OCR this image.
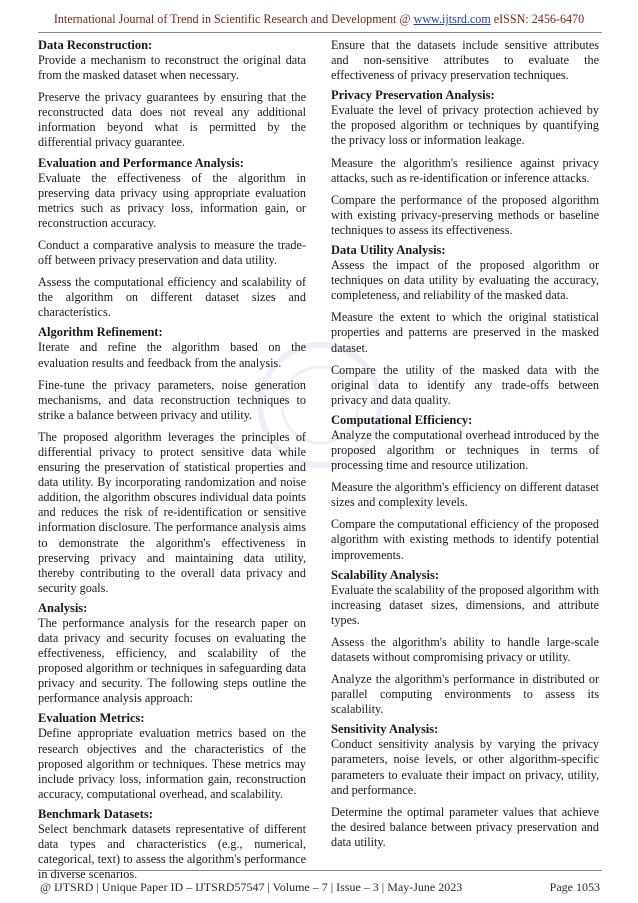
International Journal of Trend in Scientific Research and Development @ www.ijtsrd.com eISSN: 2456-6470

Data Reconstruction:

Provide a mechanism to reconstruct the original data from the masked dataset when necessary.

Preserve the privacy guarantees by ensuring that the reconstructed data does not reveal any additional information beyond what is permitted by the differential privacy guarantee.

Evaluation and Performance Analysis:

Evaluate the effectiveness of the algorithm in preserving data privacy using appropriate evaluation metrics such as privacy loss, information gain, or reconstruction accuracy.

Conduct a comparative analysis to measure the trade-off between privacy preservation and data utility.

Assess the computational efficiency and scalability of the algorithm on different dataset sizes and characteristics.

Algorithm Refinement:

Iterate and refine the algorithm based on the evaluation results and feedback from the analysis.

Fine-tune the privacy parameters, noise generation mechanisms, and data reconstruction techniques to strike a balance between privacy and utility.

The proposed algorithm leverages the principles of differential privacy to protect sensitive data while ensuring the preservation of statistical properties and data utility. By incorporating randomization and noise addition, the algorithm obscures individual data points and reduces the risk of re-identification or sensitive information disclosure. The performance analysis aims to demonstrate the algorithm's effectiveness in preserving privacy and maintaining data utility, thereby contributing to the overall data privacy and security goals.

Analysis:

The performance analysis for the research paper on data privacy and security focuses on evaluating the effectiveness, efficiency, and scalability of the proposed algorithm or techniques in safeguarding data privacy and security. The following steps outline the performance analysis approach:

Evaluation Metrics:

Define appropriate evaluation metrics based on the research objectives and the characteristics of the proposed algorithm or techniques. These metrics may include privacy loss, information gain, reconstruction accuracy, computational overhead, and scalability.

Benchmark Datasets:

Select benchmark datasets representative of different data types and characteristics (e.g., numerical, categorical, text) to assess the algorithm's performance in diverse scenarios.

Ensure that the datasets include sensitive attributes and non-sensitive attributes to evaluate the effectiveness of privacy preservation techniques.

Privacy Preservation Analysis:

Evaluate the level of privacy protection achieved by the proposed algorithm or techniques by quantifying the privacy loss or information leakage.

Measure the algorithm's resilience against privacy attacks, such as re-identification or inference attacks.

Compare the performance of the proposed algorithm with existing privacy-preserving methods or baseline techniques to assess its effectiveness.

Data Utility Analysis:

Assess the impact of the proposed algorithm or techniques on data utility by evaluating the accuracy, completeness, and reliability of the masked data.

Measure the extent to which the original statistical properties and patterns are preserved in the masked dataset.

Compare the utility of the masked data with the original data to identify any trade-offs between privacy and data quality.

Computational Efficiency:

Analyze the computational overhead introduced by the proposed algorithm or techniques in terms of processing time and resource utilization.

Measure the algorithm's efficiency on different dataset sizes and complexity levels.

Compare the computational efficiency of the proposed algorithm with existing methods to identify potential improvements.

Scalability Analysis:

Evaluate the scalability of the proposed algorithm with increasing dataset sizes, dimensions, and attribute types.

Assess the algorithm's ability to handle large-scale datasets without compromising privacy or utility.

Analyze the algorithm's performance in distributed or parallel computing environments to assess its scalability.

Sensitivity Analysis:

Conduct sensitivity analysis by varying the privacy parameters, noise levels, or other algorithm-specific parameters to evaluate their impact on privacy, utility, and performance.

Determine the optimal parameter values that achieve the desired balance between privacy preservation and data utility.

@ IJTSRD | Unique Paper ID – IJTSRD57547 | Volume – 7 | Issue – 3 | May-June 2023	Page 1053
